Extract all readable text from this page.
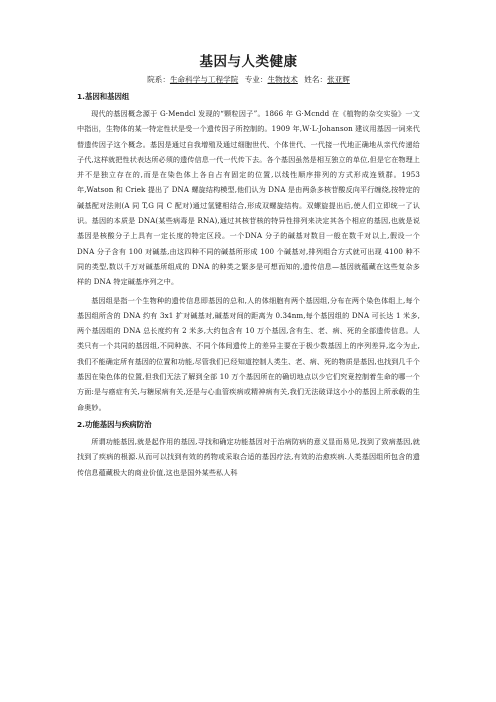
基因与人类健康
院系：生命科学与工程学院 专业：生物技术 姓名：张亚辉
1.基因和基因组

现代的基因概念源于 G·Mendcl 发现的“颗粒因子”。1866 年 G·Mcndd 在《植物的杂交实验》一文中指出，生物体的某一特定性状是受一个遗传因子所控制的。1909 年,W·L·Johanson 建议用基因一词来代替遗传因子这个概念。基因是通过自我增殖及通过细胞世代、个体世代、一代接一代地正确地从亲代传递给子代,这样就把性状表达所必须的遗传信息一代一代传下去。各个基因虽然是相互独立的单位,但是它在物理上并不是独立存在的,而是在染色体上各自占有固定的位置,以线性顺序排列的方式形成连锁群。1953年,Watson 和 Criek 提出了 DNA 螺旋结构模型,他们认为 DNA 是由两条多核苷酸反向平行缠绕,按特定的碱基配对法则(A 同 T,G 同 C 配对)通过氢键相结合,形成双螺旋结构。双螺旋提出后,使人们立即统一了认识。基因的本质是 DNA(某些病毒是 RNA),通过其核苷核的特异性排列来决定其各个相应的基因,也就是说基因是核酸分子上具有一定长度的特定区段。一个DNA 分子的碱基对数目一般在数千对以上,假设一个 DNA 分子含有 100 对碱基,由这四种不同的碱基所形成 100 个碱基对,排列组合方式就可出现 4100 种不同的类型,数以千万对碱基所组成的 DNA 的种类之繁多是可想而知的,遗传信息—基因就蕴藏在这些复杂多样的 DNA 特定碱基序列之中。

基因组是指一个生物种的遗传信息即基因的总和,人的体细胞有两个基因组,分布在两个染色体组上,每个基因组所含的 DNA 约有 3x1 扩对碱基对,碱基对间的距离为 0.34nm,每个基因组的 DNA 可长达 1 米多,两个基因组的 DNA 总长度约有 2 米多,大约包含有 10 万个基因,含有生、老、病、死的全部遗传信息。人类只有一个共同的基因组,不同种族、不同个体间遗传上的差异主要在于极少数基因上的序列差异,迄今为止,我们不能确定所有基因的位置和功能,尽管我们已经知道控制人类生、老、病、死的物质是基因,也找到几千个基因在染色体的位置,但我们无法了解到全部 10 万个基因所在的确切地点以少它们究竟控制着生命的哪一个方面:是与癌症有关,与糖尿病有关,还是与心血管疾病或精神病有关,我们无法破译这小小的基因上所承载的生命奥妙。

2.功能基因与疾病防治

所谓功能基因,就是起作用的基因,寻找和确定功能基因对于治病防病的意义显而易见,找到了致病基因,就找到了疾病的根源.从而可以找到有效的药物或采取合适的基因疗法,有效的治愈疾病.人类基因组所包含的遗传信息蕴藏极大的商业价值,这也是国外某些私人科
